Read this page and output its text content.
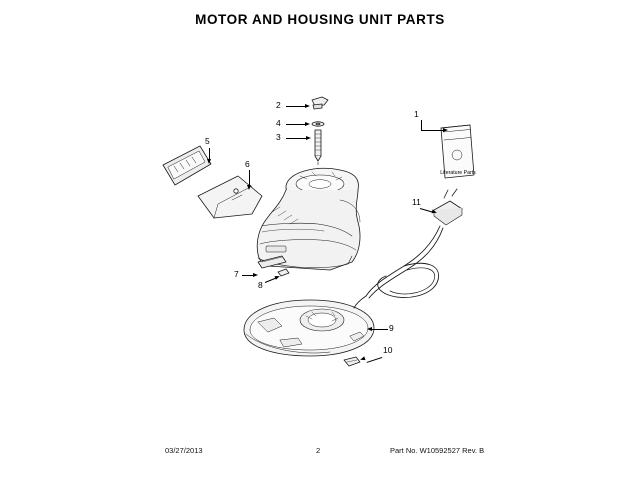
MOTOR AND HOUSING UNIT PARTS
1
Literature Parts
2
4
3
5
6
7
8
9
10
11
03/27/2013	2	Part No. W10592527 Rev. B
